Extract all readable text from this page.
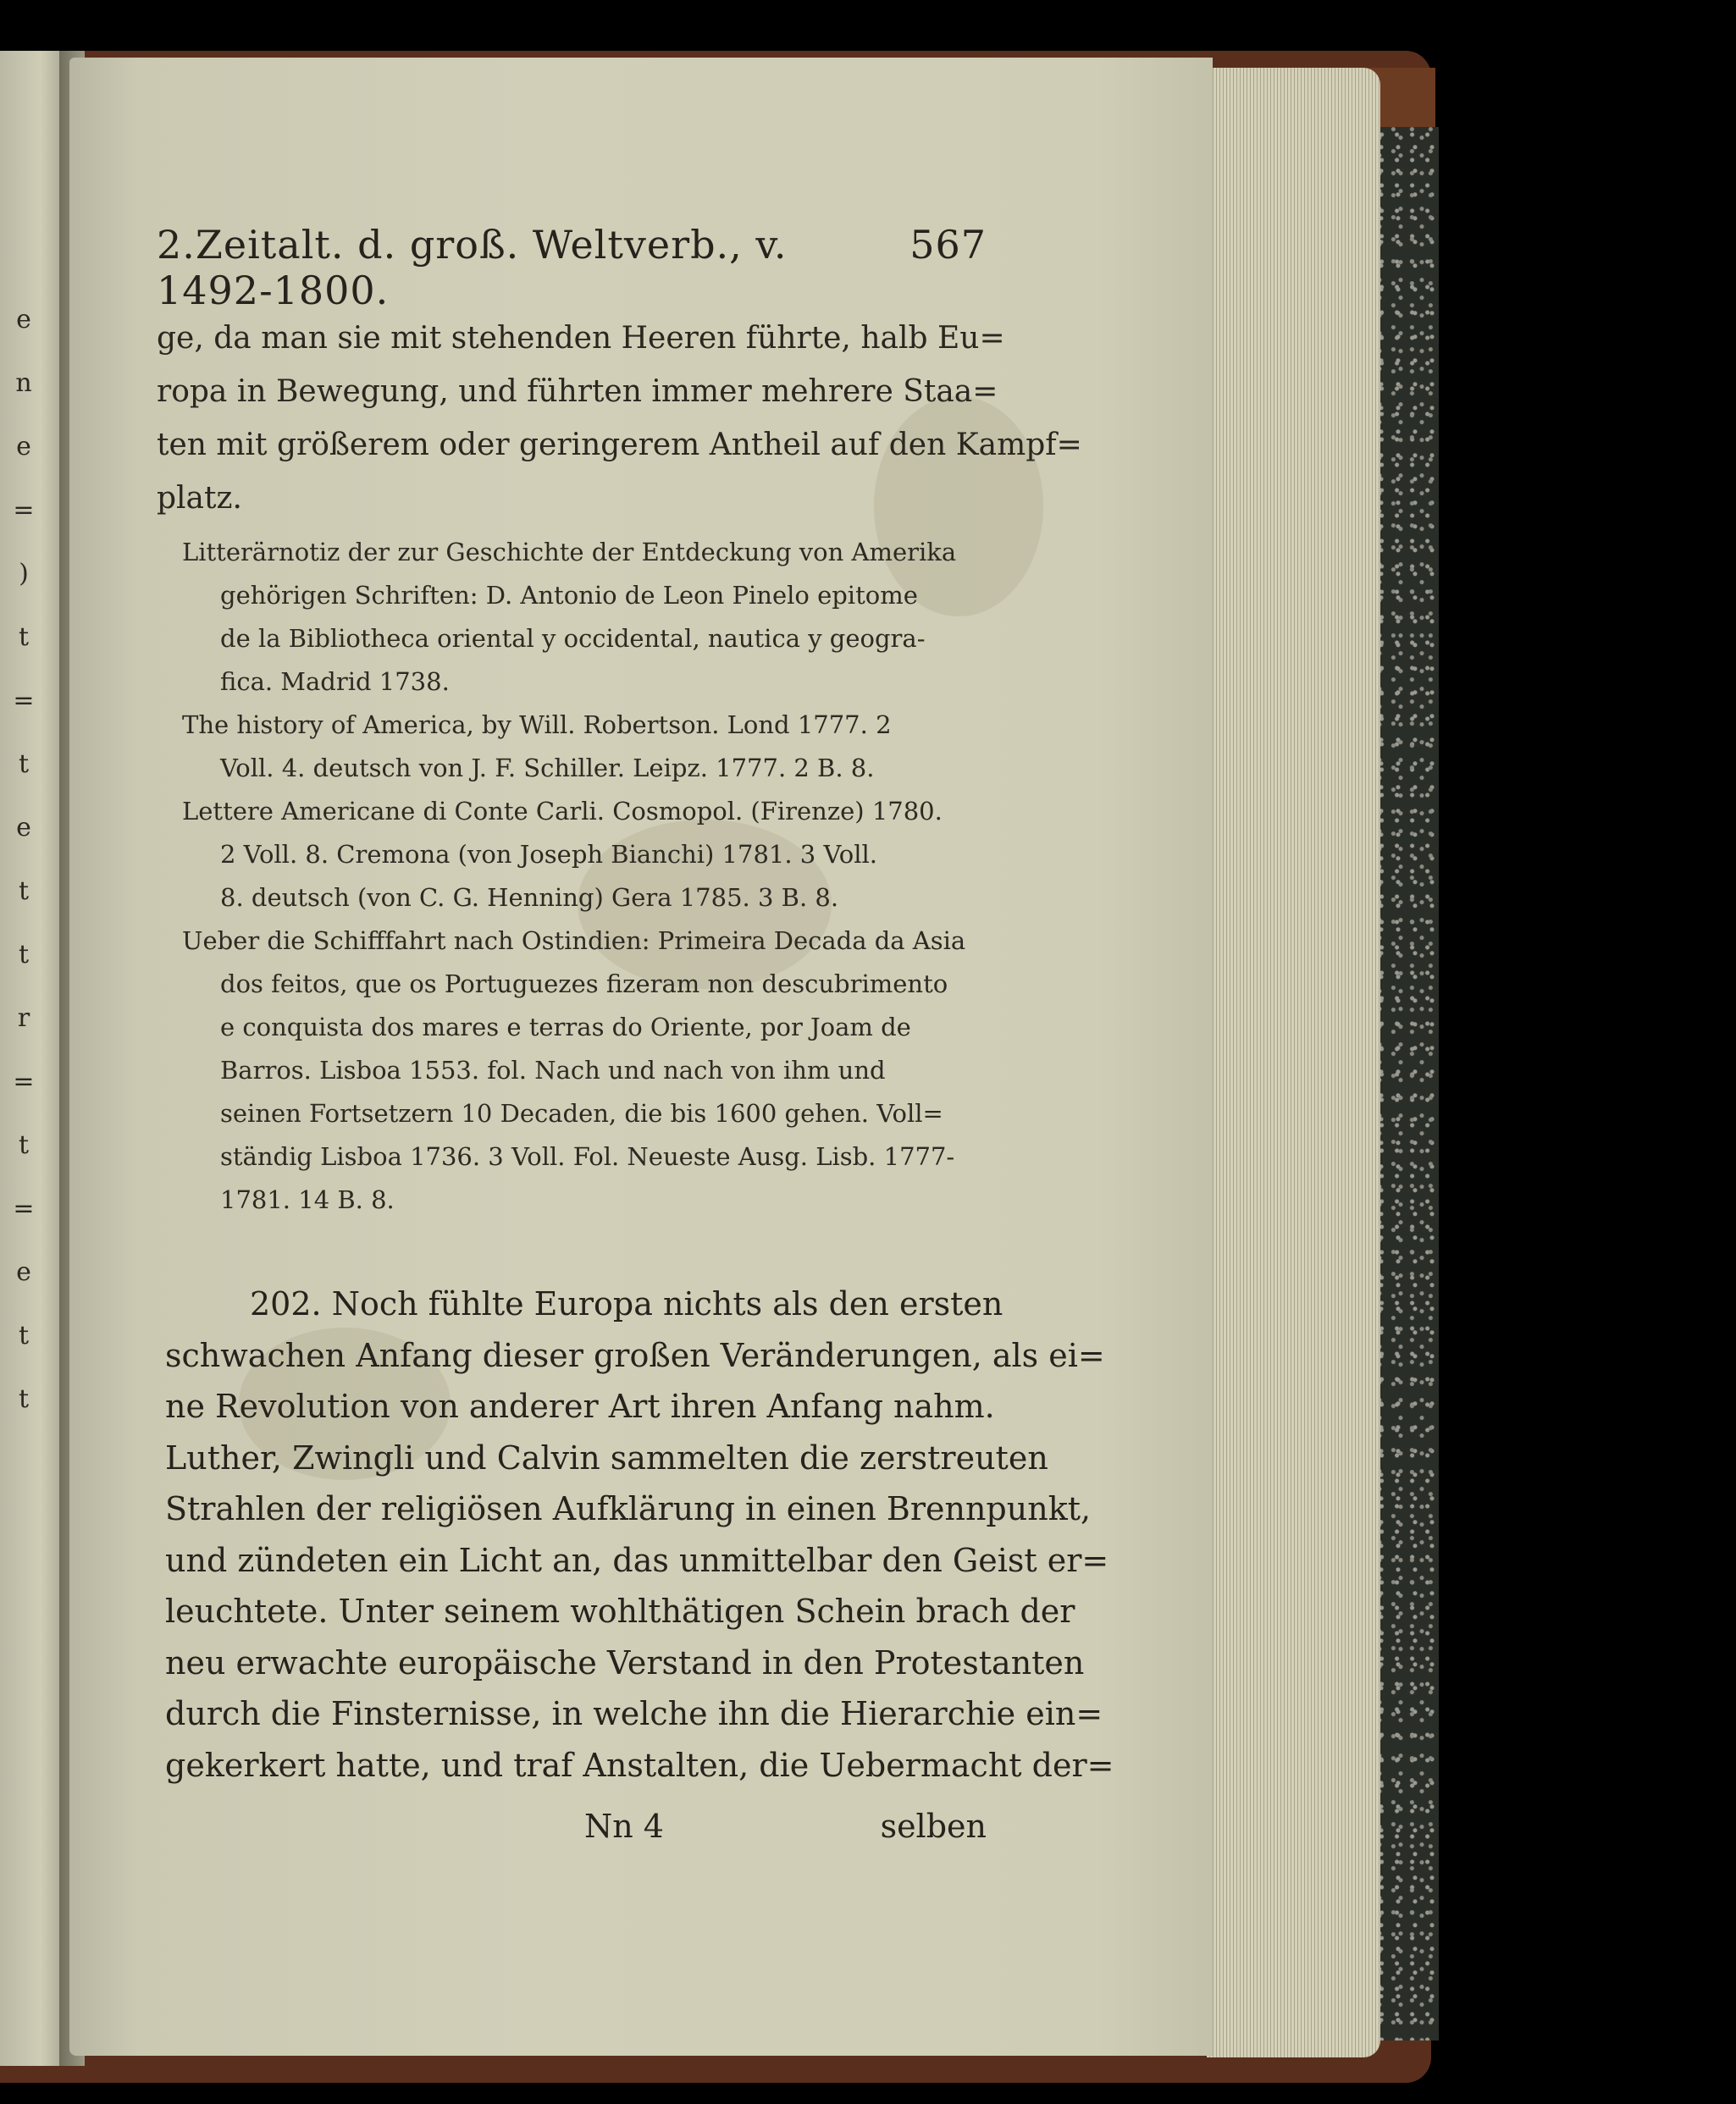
e
n
e
=
)
t
=
t
e
t
t
r
=
t
=
e
t
t
2.Zeitalt. d. groß. Weltverb., v. 1492-1800.
567
ge, da man sie mit stehenden Heeren führte, halb Eu=
ropa in Bewegung, und führten immer mehrere Staa=
ten mit größerem oder geringerem Antheil auf den Kampf=
platz.
Litterärnotiz der zur Geschichte der Entdeckung von Amerika
gehörigen Schriften: D. Antonio de Leon Pinelo epitome
de la Bibliotheca oriental y occidental, nautica y geogra-
fica. Madrid 1738.
The history of America, by Will. Robertson. Lond 1777. 2
Voll. 4. deutsch von J. F. Schiller. Leipz. 1777. 2 B. 8.
Lettere Americane di Conte Carli. Cosmopol. (Firenze) 1780.
2 Voll. 8. Cremona (von Joseph Bianchi) 1781. 3 Voll.
8. deutsch (von C. G. Henning) Gera 1785. 3 B. 8.
Ueber die Schifffahrt nach Ostindien: Primeira Decada da Asia
dos feitos, que os Portuguezes fizeram non descubrimento
e conquista dos mares e terras do Oriente, por Joam de
Barros. Lisboa 1553. fol. Nach und nach von ihm und
seinen Fortsetzern 10 Decaden, die bis 1600 gehen. Voll=
ständig Lisboa 1736. 3 Voll. Fol. Neueste Ausg. Lisb. 1777-
1781. 14 B. 8.
202. Noch fühlte Europa nichts als den ersten
schwachen Anfang dieser großen Veränderungen, als ei=
ne Revolution von anderer Art ihren Anfang nahm.
Luther, Zwingli und Calvin sammelten die zerstreuten
Strahlen der religiösen Aufklärung in einen Brennpunkt,
und zündeten ein Licht an, das unmittelbar den Geist er=
leuchtete. Unter seinem wohlthätigen Schein brach der
neu erwachte europäische Verstand in den Protestanten
durch die Finsternisse, in welche ihn die Hierarchie ein=
gekerkert hatte, und traf Anstalten, die Uebermacht der=
Nn 4	selben
